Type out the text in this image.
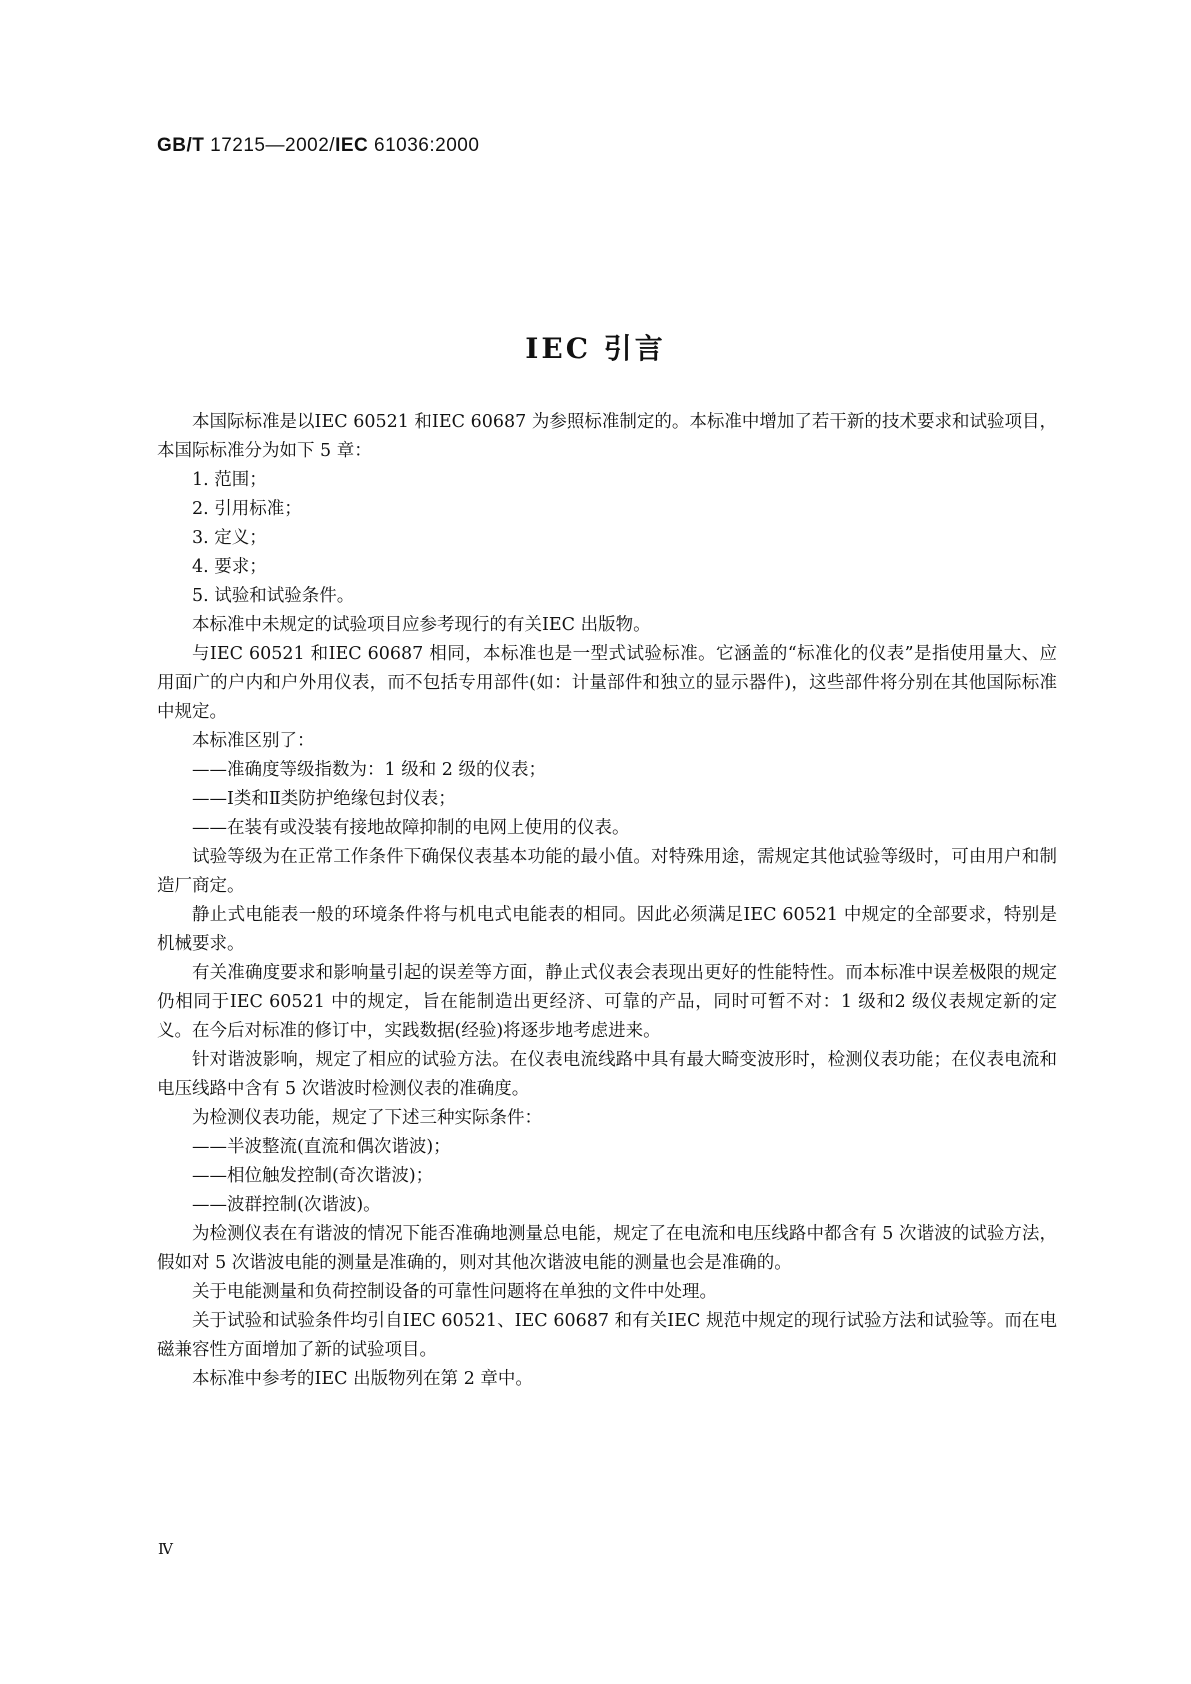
GB/T 17215—2002/IEC 61036:2000
IEC 引言

本国际标准是以IEC 60521 和IEC 60687 为参照标准制定的。本标准中增加了若干新的技术要求和试验项目，本国际标准分为如下 5 章：

1. 范围；

2. 引用标准；

3. 定义；

4. 要求；

5. 试验和试验条件。

本标准中未规定的试验项目应参考现行的有关IEC 出版物。

与IEC 60521 和IEC 60687 相同，本标准也是一型式试验标准。它涵盖的“标准化的仪表”是指使用量大、应用面广的户内和户外用仪表，而不包括专用部件(如：计量部件和独立的显示器件)，这些部件将分别在其他国际标准中规定。

本标准区别了：

——准确度等级指数为：1 级和 2 级的仪表；

——Ⅰ类和Ⅱ类防护绝缘包封仪表；

——在装有或没装有接地故障抑制的电网上使用的仪表。

试验等级为在正常工作条件下确保仪表基本功能的最小值。对特殊用途，需规定其他试验等级时，可由用户和制造厂商定。

静止式电能表一般的环境条件将与机电式电能表的相同。因此必须满足IEC 60521 中规定的全部要求，特别是机械要求。

有关准确度要求和影响量引起的误差等方面，静止式仪表会表现出更好的性能特性。而本标准中误差极限的规定仍相同于IEC 60521 中的规定，旨在能制造出更经济、可靠的产品，同时可暂不对：1 级和2 级仪表规定新的定义。在今后对标准的修订中，实践数据(经验)将逐步地考虑进来。

针对谐波影响，规定了相应的试验方法。在仪表电流线路中具有最大畸变波形时，检测仪表功能；在仪表电流和电压线路中含有 5 次谐波时检测仪表的准确度。

为检测仪表功能，规定了下述三种实际条件：

——半波整流(直流和偶次谐波)；

——相位触发控制(奇次谐波)；

——波群控制(次谐波)。

为检测仪表在有谐波的情况下能否准确地测量总电能，规定了在电流和电压线路中都含有 5 次谐波的试验方法，假如对 5 次谐波电能的测量是准确的，则对其他次谐波电能的测量也会是准确的。

关于电能测量和负荷控制设备的可靠性问题将在单独的文件中处理。

关于试验和试验条件均引自IEC 60521、IEC 60687 和有关IEC 规范中规定的现行试验方法和试验等。而在电磁兼容性方面增加了新的试验项目。

本标准中参考的IEC 出版物列在第 2 章中。

Ⅳ
